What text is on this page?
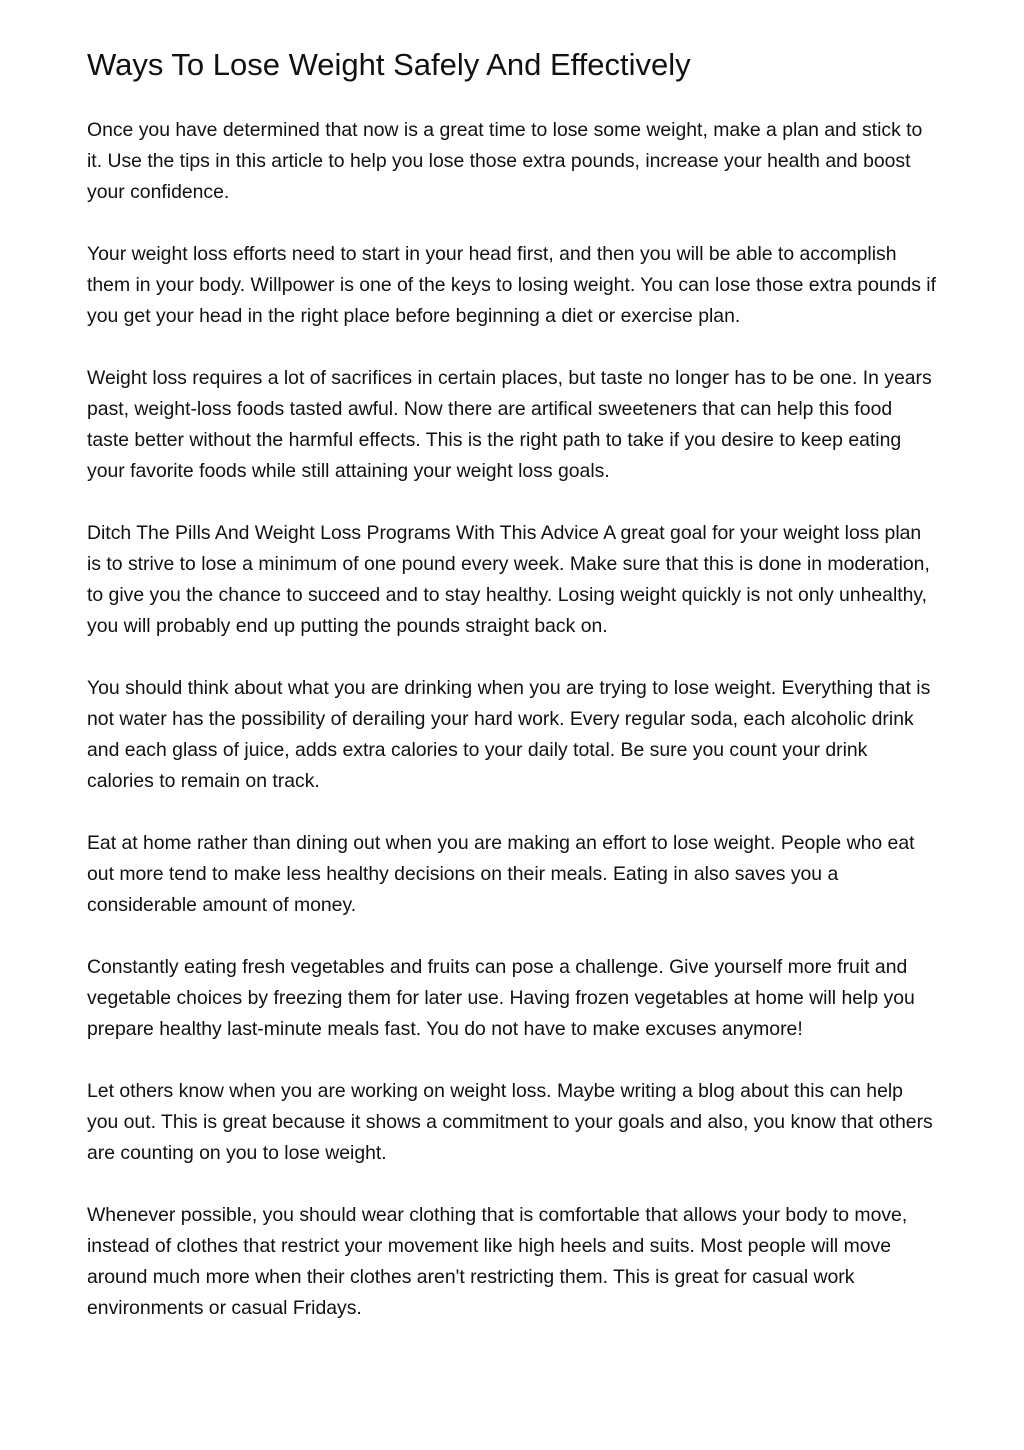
Ways To Lose Weight Safely And Effectively

Once you have determined that now is a great time to lose some weight, make a plan and stick to it. Use the tips in this article to help you lose those extra pounds, increase your health and boost your confidence.

Your weight loss efforts need to start in your head first, and then you will be able to accomplish them in your body. Willpower is one of the keys to losing weight. You can lose those extra pounds if you get your head in the right place before beginning a diet or exercise plan.

Weight loss requires a lot of sacrifices in certain places, but taste no longer has to be one. In years past, weight-loss foods tasted awful. Now there are artifical sweeteners that can help this food taste better without the harmful effects. This is the right path to take if you desire to keep eating your favorite foods while still attaining your weight loss goals.

Ditch The Pills And Weight Loss Programs With This Advice A great goal for your weight loss plan is to strive to lose a minimum of one pound every week. Make sure that this is done in moderation, to give you the chance to succeed and to stay healthy. Losing weight quickly is not only unhealthy, you will probably end up putting the pounds straight back on.

You should think about what you are drinking when you are trying to lose weight. Everything that is not water has the possibility of derailing your hard work. Every regular soda, each alcoholic drink and each glass of juice, adds extra calories to your daily total. Be sure you count your drink calories to remain on track.

Eat at home rather than dining out when you are making an effort to lose weight. People who eat out more tend to make less healthy decisions on their meals. Eating in also saves you a considerable amount of money.

Constantly eating fresh vegetables and fruits can pose a challenge. Give yourself more fruit and vegetable choices by freezing them for later use. Having frozen vegetables at home will help you prepare healthy last-minute meals fast. You do not have to make excuses anymore!

Let others know when you are working on weight loss. Maybe writing a blog about this can help you out. This is great because it shows a commitment to your goals and also, you know that others are counting on you to lose weight.

Whenever possible, you should wear clothing that is comfortable that allows your body to move, instead of clothes that restrict your movement like high heels and suits. Most people will move around much more when their clothes aren't restricting them. This is great for casual work environments or casual Fridays.
